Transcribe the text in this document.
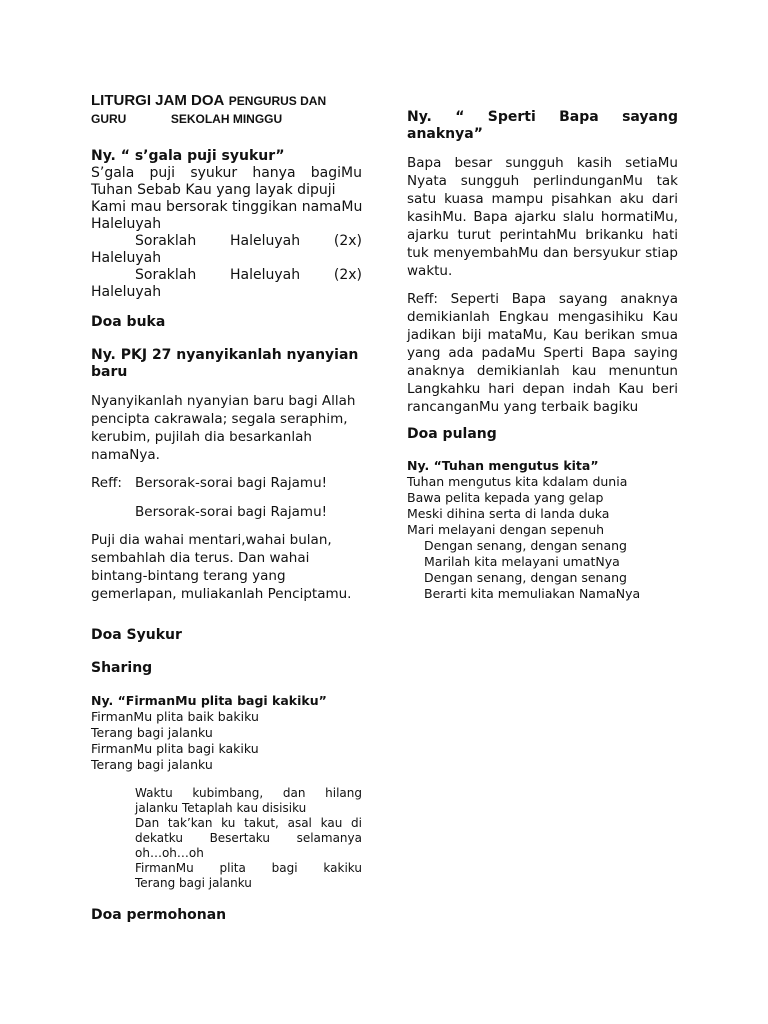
LITURGI JAM DOA PENGURUS DAN GURU	SEKOLAH MINGGU

Ny. “ s’gala puji syukur”

S’gala puji syukur hanya bagiMu
Tuhan Sebab Kau yang layak dipuji
Kami mau bersorak tinggikan namaMu
Haleluyah
Soraklah Haleluyah (2x)
Haleluyah
Soraklah Haleluyah (2x)
Haleluyah

Doa buka

Ny. PKJ 27 nyanyikanlah nyanyian baru

Nyanyikanlah nyanyian baru bagi Allah pencipta cakrawala; segala seraphim, kerubim, pujilah dia besarkanlah namaNya.

Reff: Bersorak-sorai bagi Rajamu!

Bersorak-sorai bagi Rajamu!

Puji dia wahai mentari,wahai bulan, sembahlah dia terus. Dan wahai bintang-bintang terang yang gemerlapan, muliakanlah Penciptamu.

Doa Syukur

Sharing

Ny. “FirmanMu plita bagi kakiku”

FirmanMu plita baik bakiku
Terang bagi jalanku
FirmanMu plita bagi kakiku
Terang bagi jalanku
Waktu kubimbang, dan hilang
jalanku Tetaplah kau disisiku
Dan tak’kan ku takut, asal kau di
dekatku Besertaku selamanya
oh…oh…oh
FirmanMu plita bagi kakiku
Terang bagi jalanku

Doa permohonan

Ny. “ Sperti Bapa sayang
anaknya”

Bapa besar sungguh kasih setiaMu Nyata sungguh perlindunganMu tak satu kuasa mampu pisahkan aku dari kasihMu. Bapa ajarku slalu hormatiMu, ajarku turut perintahMu brikanku hati tuk menyembahMu dan bersyukur stiap waktu.

Reff: Seperti Bapa sayang anaknya demikianlah Engkau mengasihiku Kau jadikan biji mataMu, Kau berikan smua yang ada padaMu Sperti Bapa saying anaknya demikianlah kau menuntun Langkahku hari depan indah Kau beri rancanganMu yang terbaik bagiku

Doa pulang

Ny. “Tuhan mengutus kita”

Tuhan mengutus kita kdalam dunia
Bawa pelita kepada yang gelap
Meski dihina serta di landa duka
Mari melayani dengan sepenuh
Dengan senang, dengan senang
Marilah kita melayani umatNya
Dengan senang, dengan senang
Berarti kita memuliakan NamaNya
